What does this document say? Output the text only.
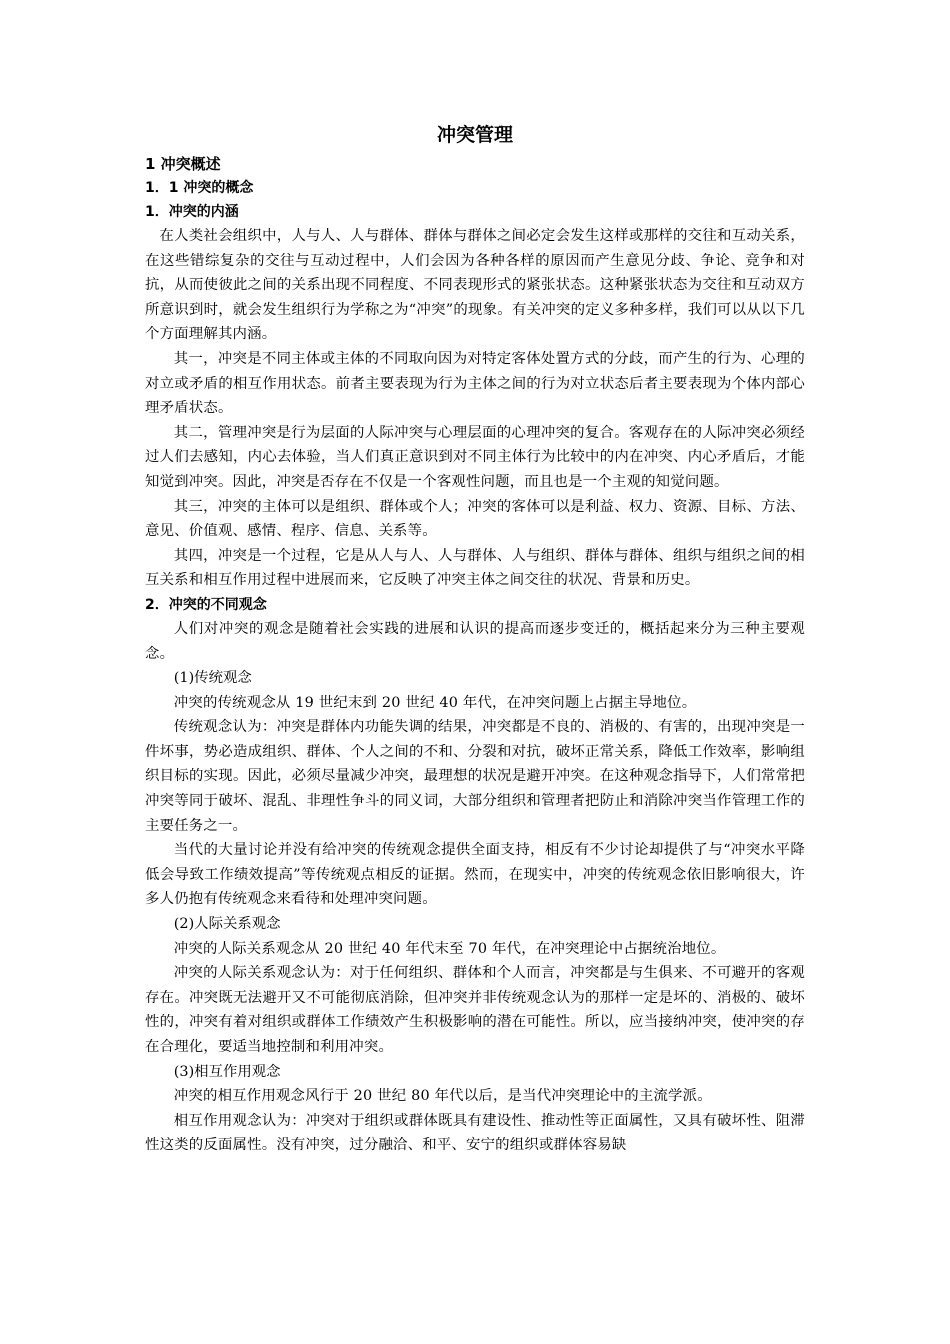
冲突管理
1 冲突概述
1．1 冲突的概念
1．冲突的内涵

在人类社会组织中，人与人、人与群体、群体与群体之间必定会发生这样或那样的交往和互动关系，在这些错综复杂的交往与互动过程中，人们会因为各种各样的原因而产生意见分歧、争论、竞争和对抗，从而使彼此之间的关系出现不同程度、不同表现形式的紧张状态。这种紧张状态为交往和互动双方所意识到时，就会发生组织行为学称之为“冲突”的现象。有关冲突的定义多种多样，我们可以从以下几个方面理解其内涵。

其一，冲突是不同主体或主体的不同取向因为对特定客体处置方式的分歧，而产生的行为、心理的对立或矛盾的相互作用状态。前者主要表现为行为主体之间的行为对立状态后者主要表现为个体内部心理矛盾状态。

其二，管理冲突是行为层面的人际冲突与心理层面的心理冲突的复合。客观存在的人际冲突必须经过人们去感知，内心去体验，当人们真正意识到对不同主体行为比较中的内在冲突、内心矛盾后，才能知觉到冲突。因此，冲突是否存在不仅是一个客观性问题，而且也是一个主观的知觉问题。

其三，冲突的主体可以是组织、群体或个人；冲突的客体可以是利益、权力、资源、目标、方法、意见、价值观、感情、程序、信息、关系等。

其四，冲突是一个过程，它是从人与人、人与群体、人与组织、群体与群体、组织与组织之间的相互关系和相互作用过程中进展而来，它反映了冲突主体之间交往的状况、背景和历史。

2．冲突的不同观念

人们对冲突的观念是随着社会实践的进展和认识的提高而逐步变迁的，概括起来分为三种主要观念。

(1)传统观念

冲突的传统观念从 19 世纪末到 20 世纪 40 年代，在冲突问题上占据主导地位。

传统观念认为：冲突是群体内功能失调的结果，冲突都是不良的、消极的、有害的，出现冲突是一件坏事，势必造成组织、群体、个人之间的不和、分裂和对抗，破坏正常关系，降低工作效率，影响组织目标的实现。因此，必须尽量减少冲突，最理想的状况是避开冲突。在这种观念指导下，人们常常把冲突等同于破坏、混乱、非理性争斗的同义词，大部分组织和管理者把防止和消除冲突当作管理工作的主要任务之一。

当代的大量讨论并没有给冲突的传统观念提供全面支持，相反有不少讨论却提供了与“冲突水平降低会导致工作绩效提高”等传统观点相反的证据。然而，在现实中，冲突的传统观念依旧影响很大，许多人仍抱有传统观念来看待和处理冲突问题。

(2)人际关系观念

冲突的人际关系观念从 20 世纪 40 年代末至 70 年代，在冲突理论中占据统治地位。

冲突的人际关系观念认为：对于任何组织、群体和个人而言，冲突都是与生俱来、不可避开的客观存在。冲突既无法避开又不可能彻底消除，但冲突并非传统观念认为的那样一定是坏的、消极的、破坏性的，冲突有着对组织或群体工作绩效产生积极影响的潜在可能性。所以，应当接纳冲突，使冲突的存在合理化，要适当地控制和利用冲突。

(3)相互作用观念

冲突的相互作用观念风行于 20 世纪 80 年代以后，是当代冲突理论中的主流学派。

相互作用观念认为：冲突对于组织或群体既具有建设性、推动性等正面属性，又具有破坏性、阻滞性这类的反面属性。没有冲突，过分融洽、和平、安宁的组织或群体容易缺
